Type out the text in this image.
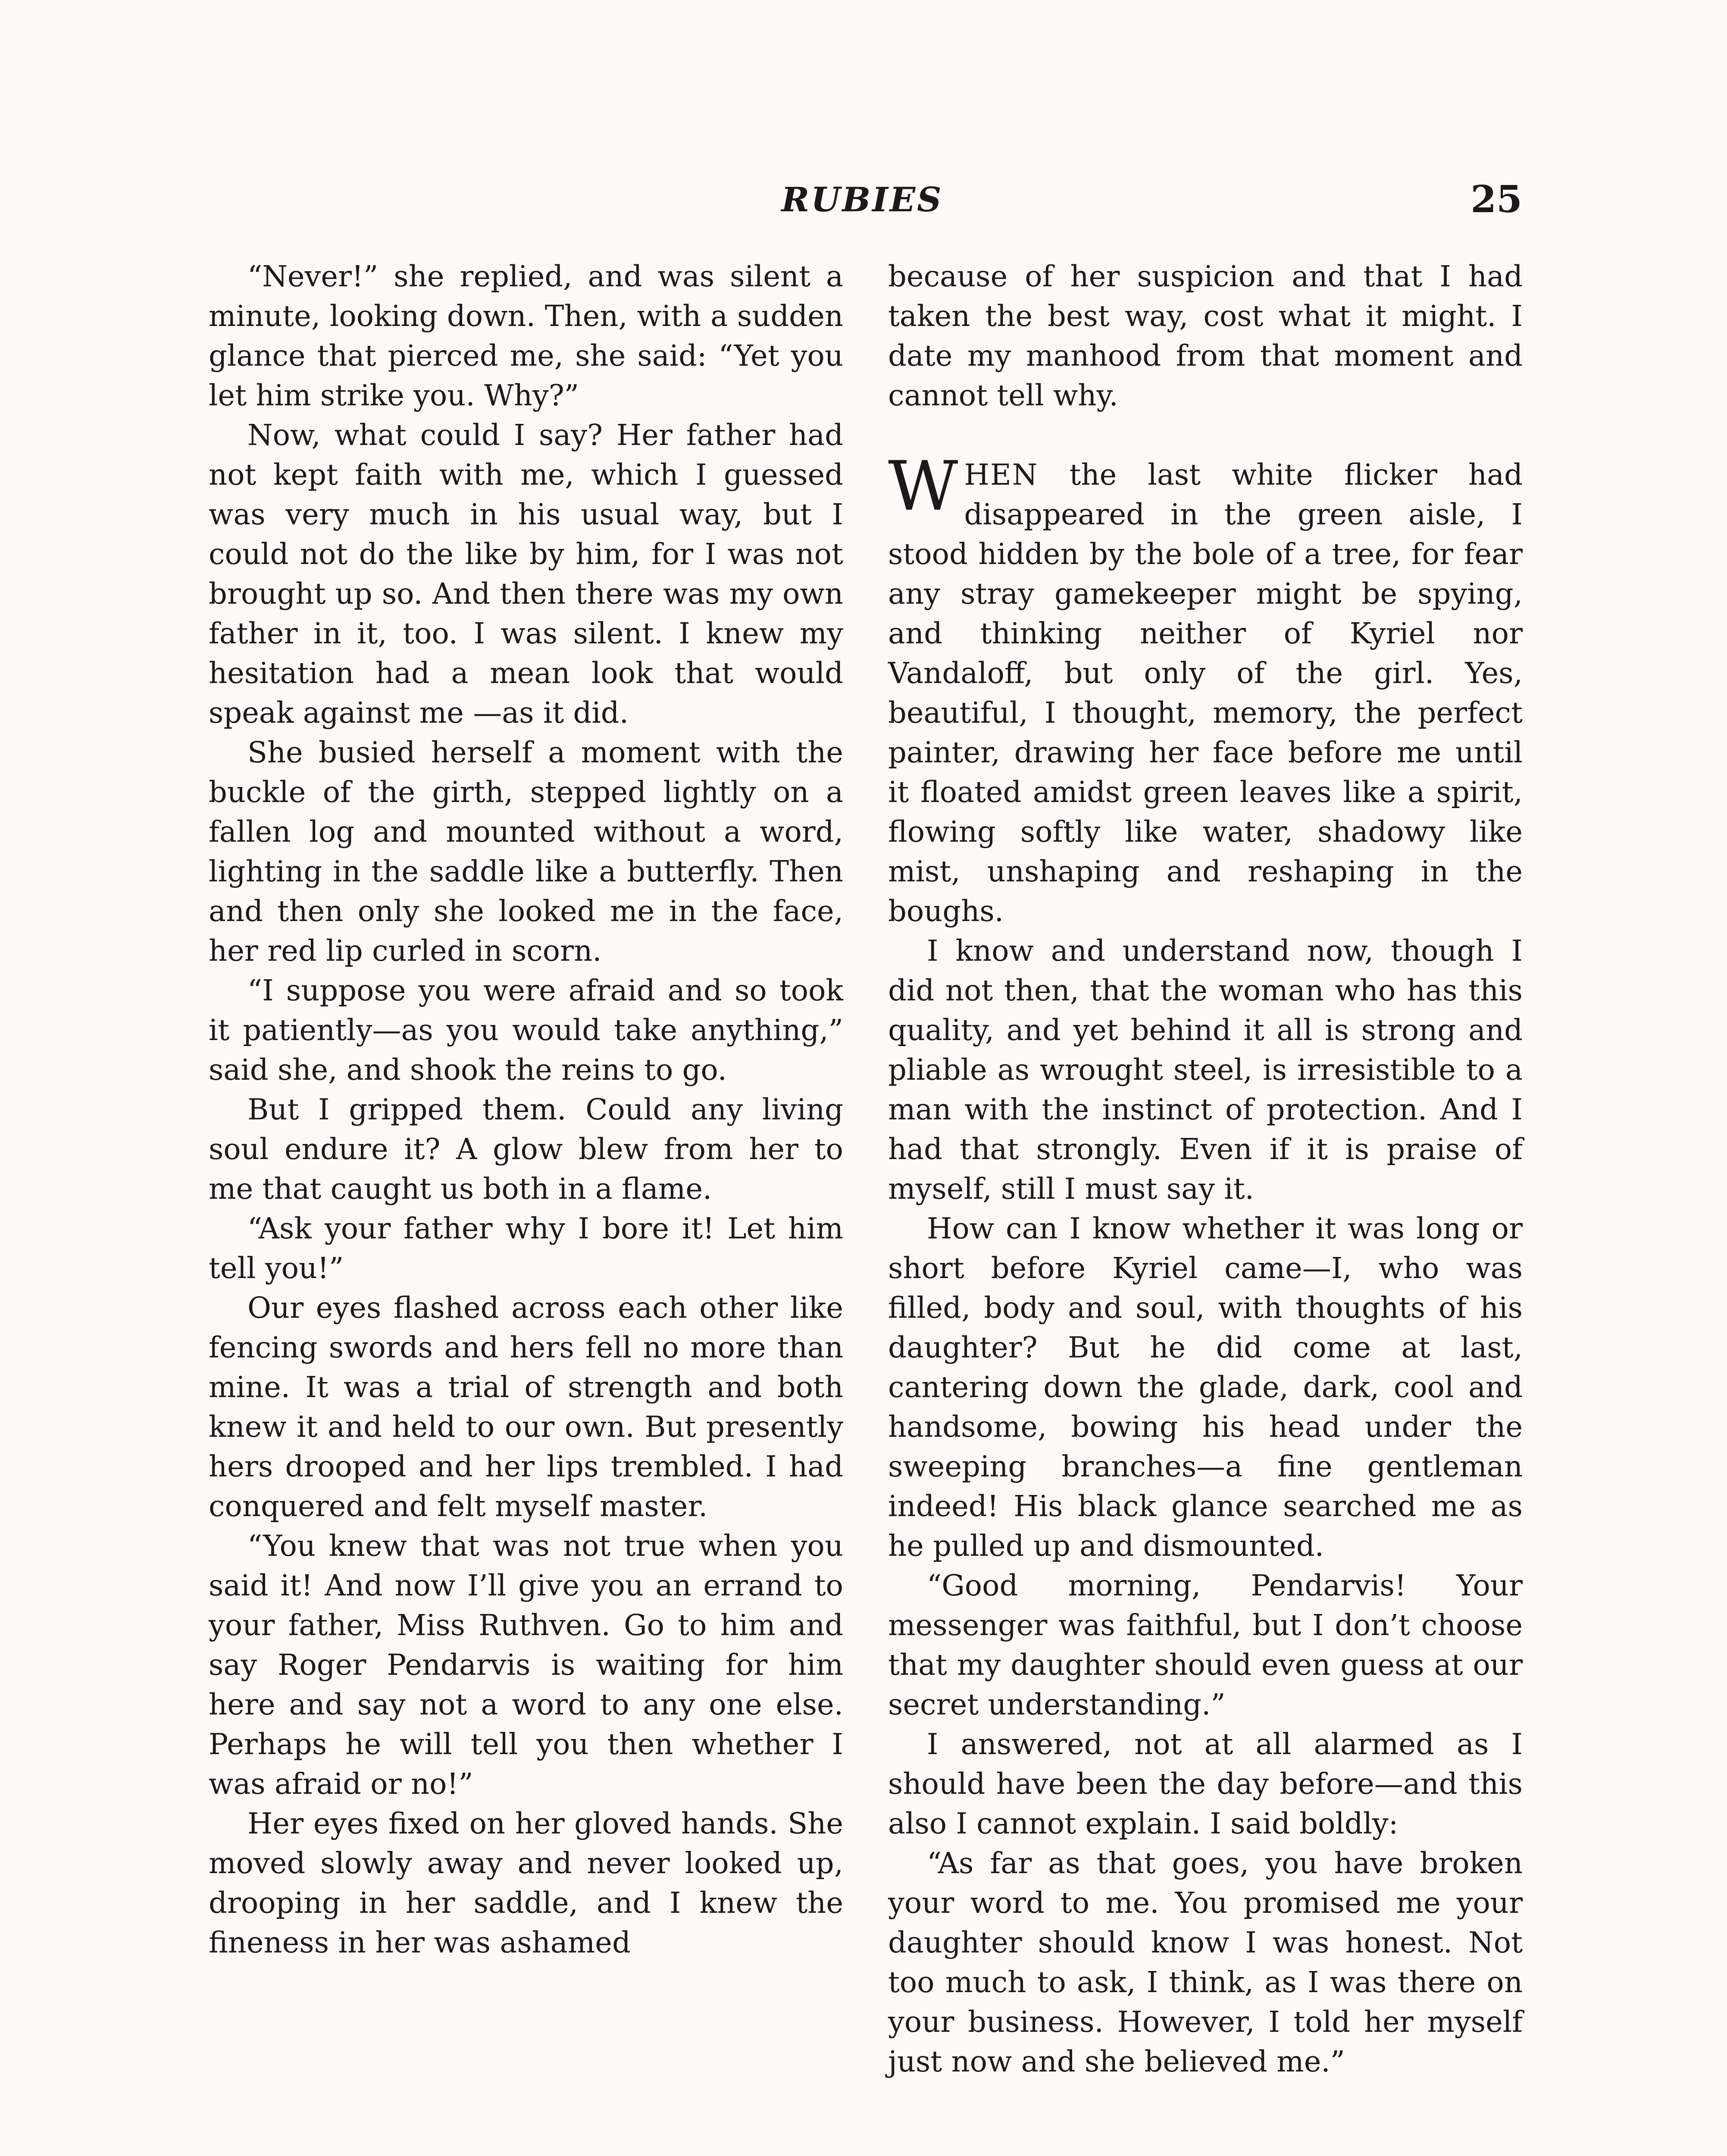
RUBIES	25

“Never!” she replied, and was silent a minute, looking down. Then, with a sudden glance that pierced me, she said: “Yet you let him strike you. Why?”

Now, what could I say? Her father had not kept faith with me, which I guessed was very much in his usual way, but I could not do the like by him, for I was not brought up so. And then there was my own father in it, too. I was silent. I knew my hesitation had a mean look that would speak against me —as it did.

She busied herself a moment with the buckle of the girth, stepped lightly on a fallen log and mounted without a word, lighting in the saddle like a butterfly. Then and then only she looked me in the face, her red lip curled in scorn.

“I suppose you were afraid and so took it patiently—as you would take anything,” said she, and shook the reins to go.

But I gripped them. Could any living soul endure it? A glow blew from her to me that caught us both in a flame.

“Ask your father why I bore it! Let him tell you!”

Our eyes flashed across each other like fencing swords and hers fell no more than mine. It was a trial of strength and both knew it and held to our own. But presently hers drooped and her lips trembled. I had conquered and felt myself master.

“You knew that was not true when you said it! And now I’ll give you an errand to your father, Miss Ruthven. Go to him and say Roger Pendarvis is waiting for him here and say not a word to any one else. Perhaps he will tell you then whether I was afraid or no!”

Her eyes fixed on her gloved hands. She moved slowly away and never looked up, drooping in her saddle, and I knew the fineness in her was ashamed

because of her suspicion and that I had taken the best way, cost what it might. I date my manhood from that moment and cannot tell why.

WHEN the last white flicker had disappeared in the green aisle, I stood hidden by the bole of a tree, for fear any stray gamekeeper might be spying, and thinking neither of Kyriel nor Vandaloff, but only of the girl. Yes, beautiful, I thought, memory, the perfect painter, drawing her face before me until it floated amidst green leaves like a spirit, flowing softly like water, shadowy like mist, unshaping and reshaping in the boughs.

I know and understand now, though I did not then, that the woman who has this quality, and yet behind it all is strong and pliable as wrought steel, is irresistible to a man with the instinct of protection. And I had that strongly. Even if it is praise of myself, still I must say it.

How can I know whether it was long or short before Kyriel came—I, who was filled, body and soul, with thoughts of his daughter? But he did come at last, cantering down the glade, dark, cool and handsome, bowing his head under the sweeping branches—a fine gentleman indeed! His black glance searched me as he pulled up and dismounted.

“Good morning, Pendarvis! Your messenger was faithful, but I don’t choose that my daughter should even guess at our secret understanding.”

I answered, not at all alarmed as I should have been the day before—and this also I cannot explain. I said boldly:

“As far as that goes, you have broken your word to me. You promised me your daughter should know I was honest. Not too much to ask, I think, as I was there on your business. However, I told her myself just now and she believed me.”
